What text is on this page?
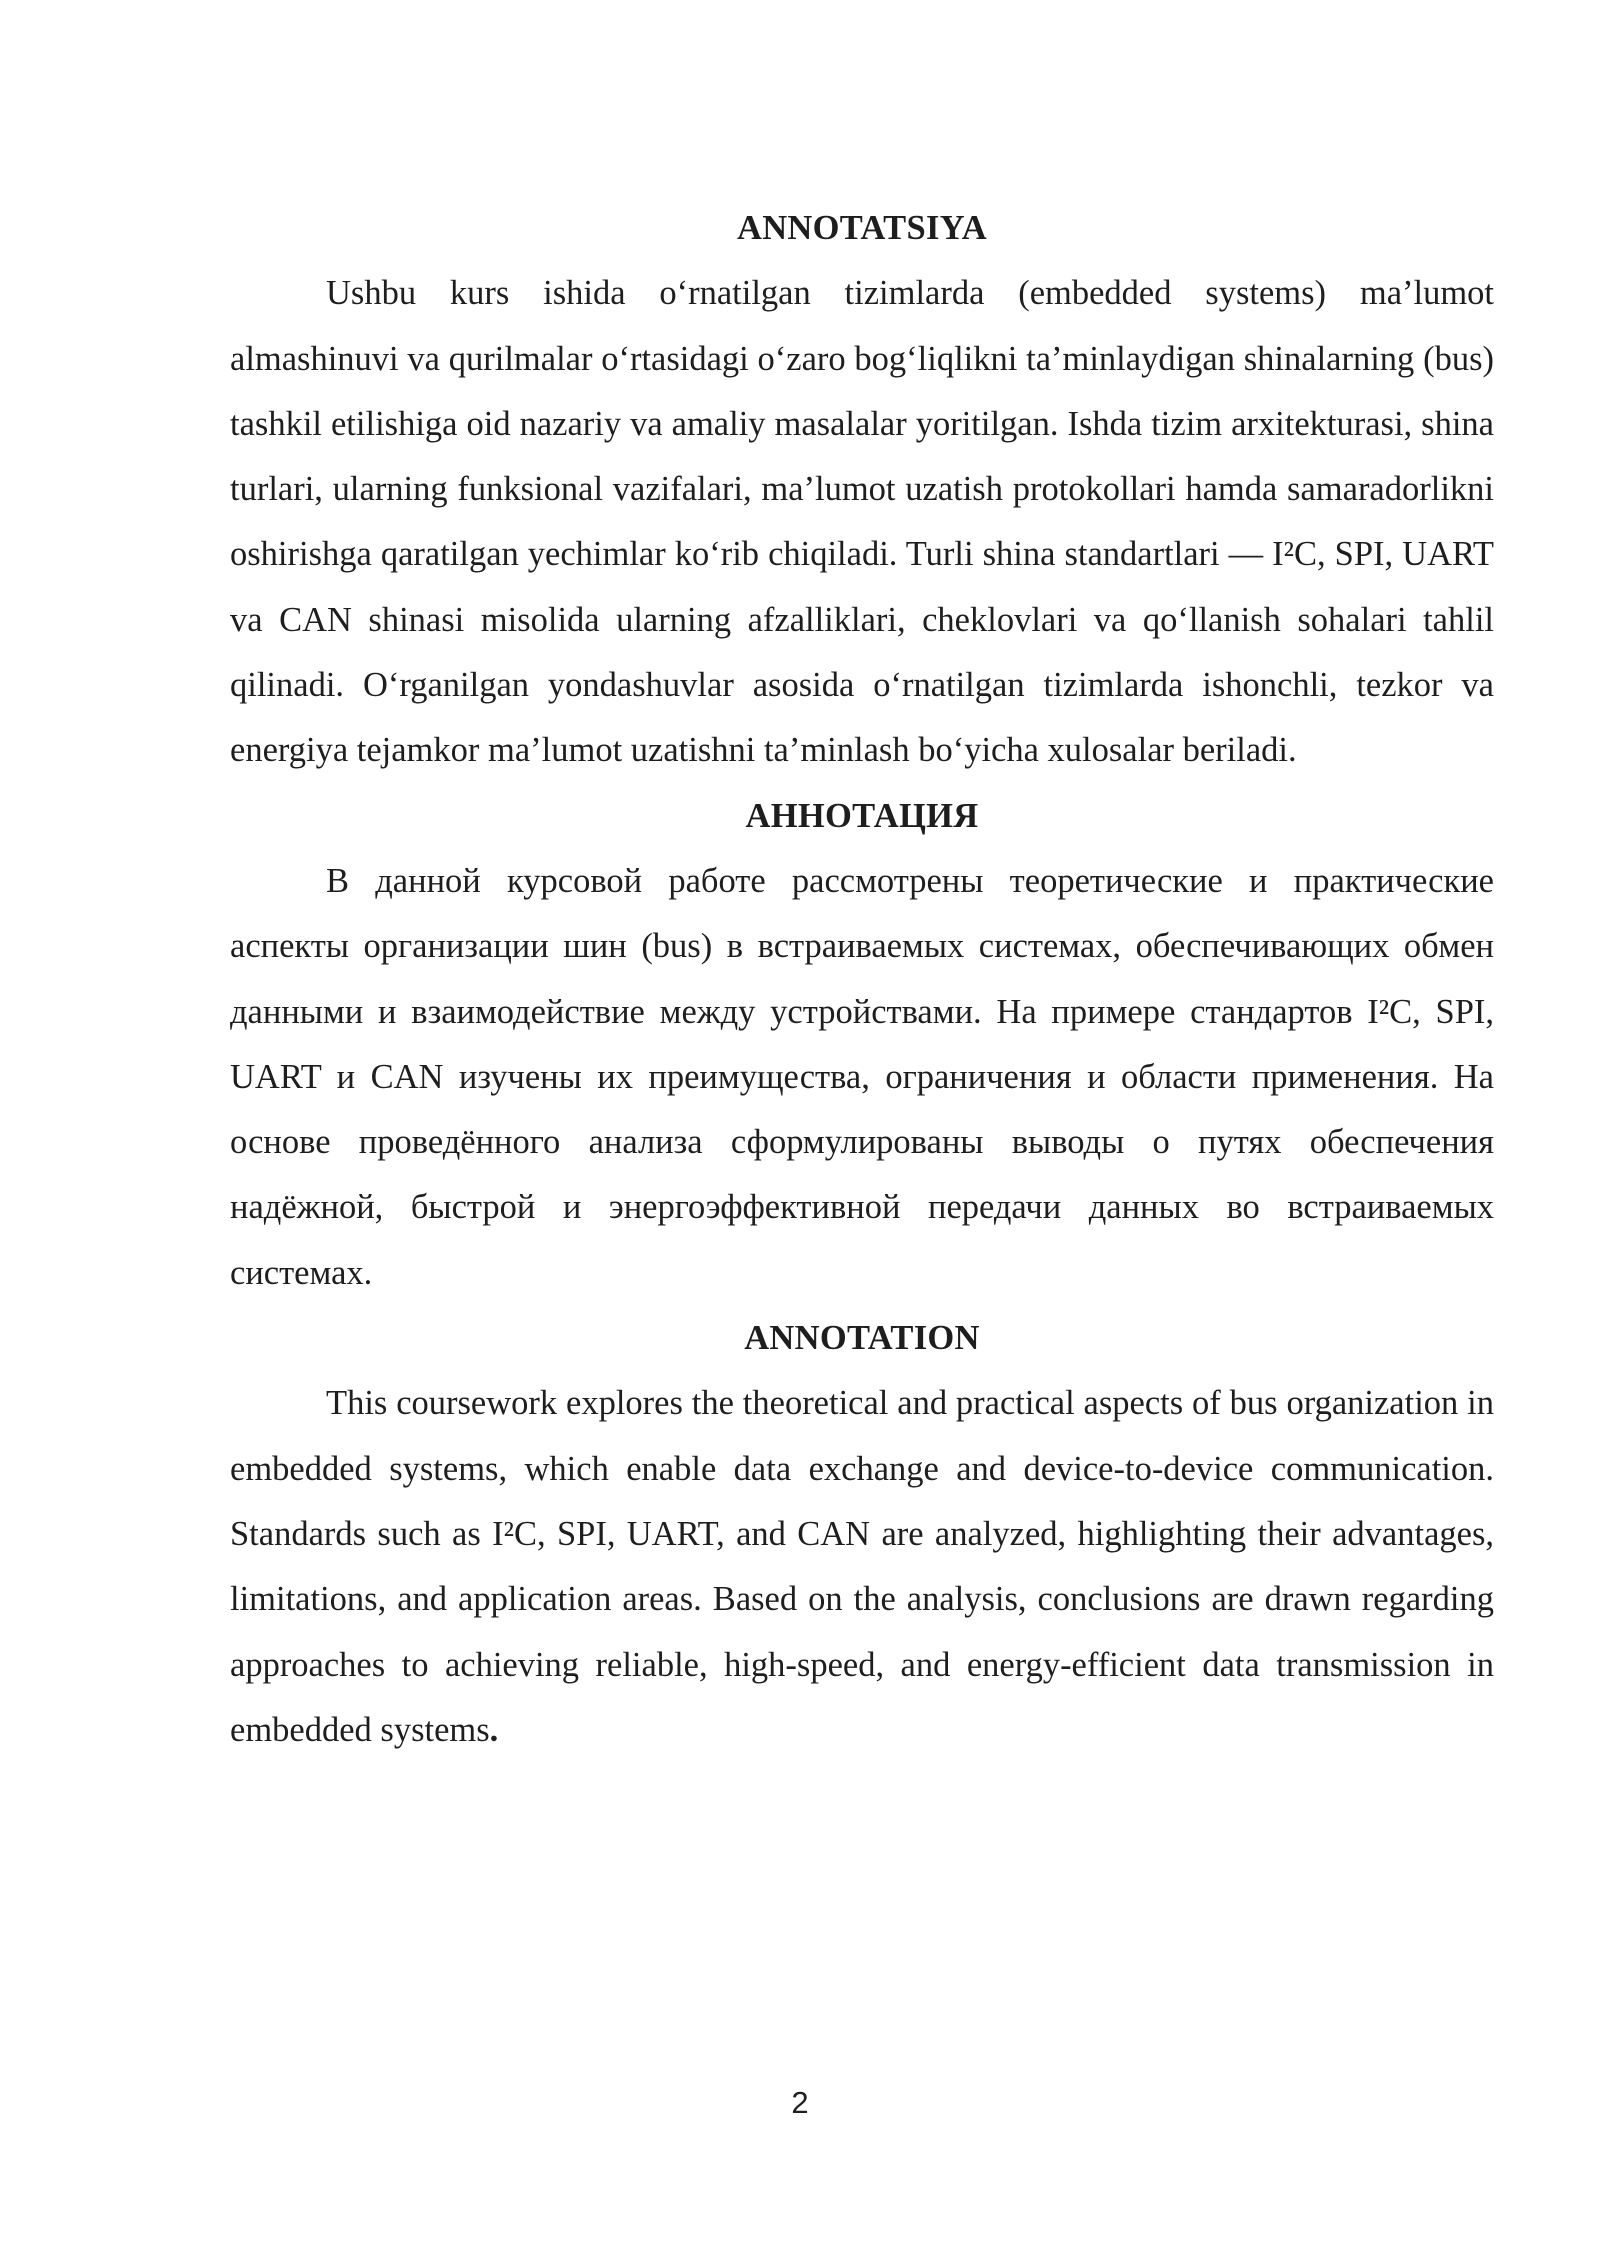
ANNOTATSIYA

Ushbu kurs ishida o‘rnatilgan tizimlarda (embedded systems) ma’lumot almashinuvi va qurilmalar o‘rtasidagi o‘zaro bog‘liqlikni ta’minlaydigan shinalarning (bus) tashkil etilishiga oid nazariy va amaliy masalalar yoritilgan. Ishda tizim arxitekturasi, shina turlari, ularning funksional vazifalari, ma’lumot uzatish protokollari hamda samaradorlikni oshirishga qaratilgan yechimlar ko‘rib chiqiladi. Turli shina standartlari — I²C, SPI, UART va CAN shinasi misolida ularning afzalliklari, cheklovlari va qo‘llanish sohalari tahlil qilinadi. O‘rganilgan yondashuvlar asosida o‘rnatilgan tizimlarda ishonchli, tezkor va energiya tejamkor ma’lumot uzatishni ta’minlash bo‘yicha xulosalar beriladi.

АННОТАЦИЯ

В данной курсовой работе рассмотрены теоретические и практические аспекты организации шин (bus) в встраиваемых системах, обеспечивающих обмен данными и взаимодействие между устройствами. На примере стандартов I²C, SPI, UART и CAN изучены их преимущества, ограничения и области применения. На основе проведённого анализа сформулированы выводы о путях обеспечения надёжной, быстрой и энергоэффективной передачи данных во встраиваемых системах.

ANNOTATION

This coursework explores the theoretical and practical aspects of bus organization in embedded systems, which enable data exchange and device-to-device communication. Standards such as I²C, SPI, UART, and CAN are analyzed, highlighting their advantages, limitations, and application areas. Based on the analysis, conclusions are drawn regarding approaches to achieving reliable, high-speed, and energy-efficient data transmission in embedded systems.

2
